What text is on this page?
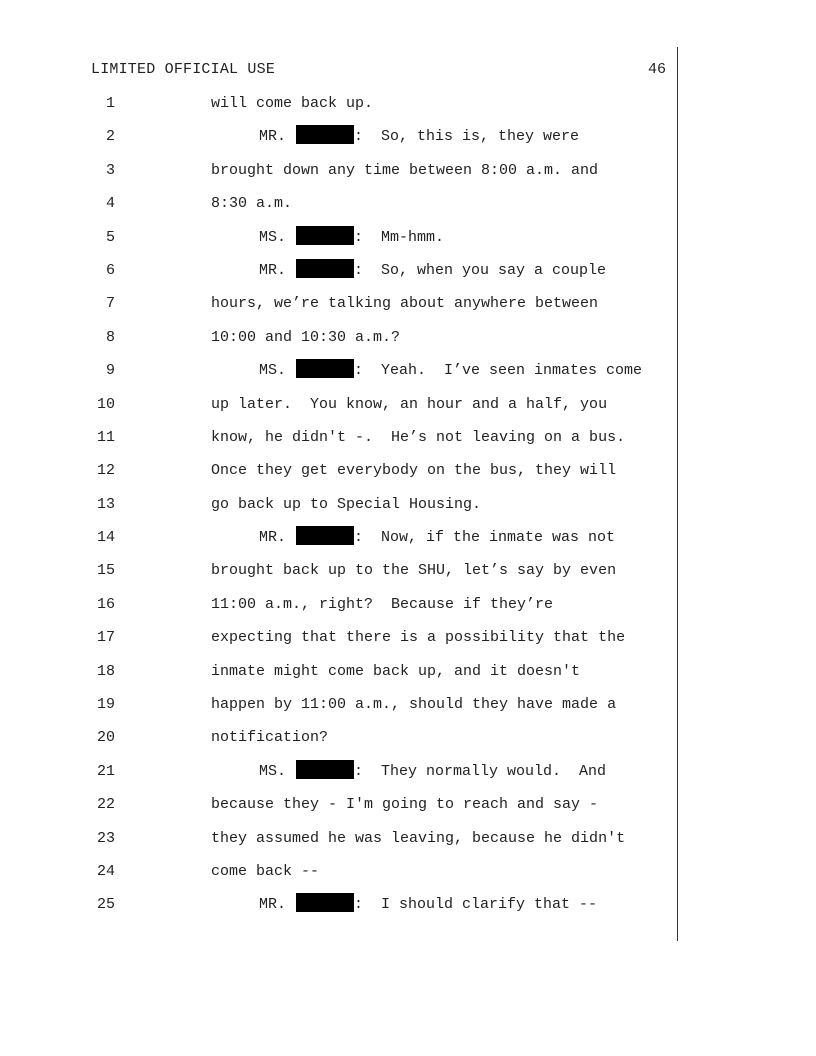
LIMITED OFFICIAL USE	46
1	will come back up.
2	MR.	:  So, this is, they were
3	brought down any time between 8:00 a.m. and
4	8:30 a.m.
5	MS.	:  Mm-hmm.
6	MR.	:  So, when you say a couple
7	hours, we’re talking about anywhere between
8	10:00 and 10:30 a.m.?
9	MS.	:  Yeah.  I’ve seen inmates come
10	up later.  You know, an hour and a half, you
11	know, he didn't -.  He’s not leaving on a bus.
12	Once they get everybody on the bus, they will
13	go back up to Special Housing.
14	MR.	:  Now, if the inmate was not
15	brought back up to the SHU, let’s say by even
16	11:00 a.m., right?  Because if they’re
17	expecting that there is a possibility that the
18	inmate might come back up, and it doesn't
19	happen by 11:00 a.m., should they have made a
20	notification?
21	MS.	:  They normally would.  And
22	because they - I'm going to reach and say -
23	they assumed he was leaving, because he didn't
24	come back --
25	MR.	:  I should clarify that --
